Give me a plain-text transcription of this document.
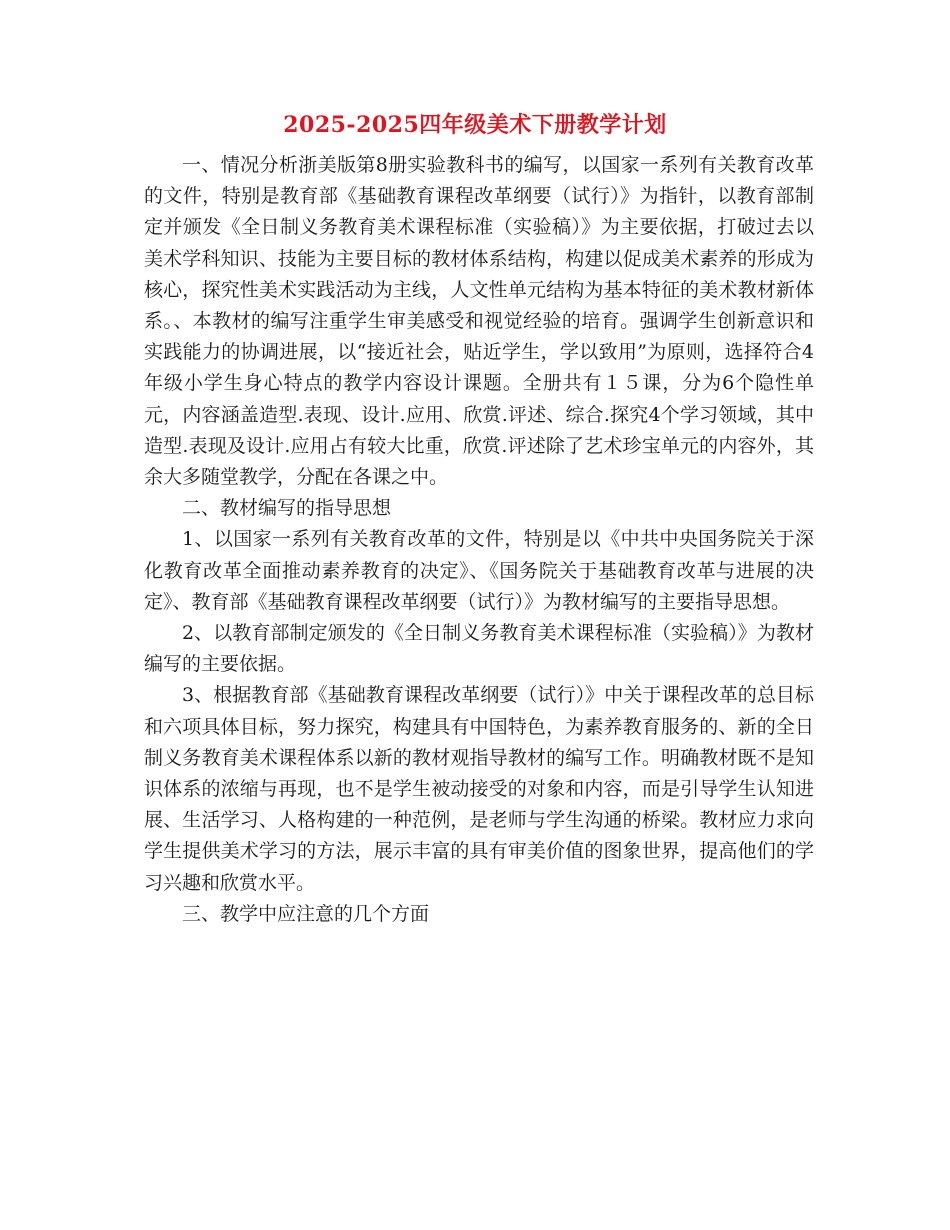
2025-2025四年级美术下册教学计划

一、情况分析浙美版第8册实验教科书的编写，以国家一系列有关教育改革的文件，特别是教育部《基础教育课程改革纲要（试行）》为指针，以教育部制定并颁发《全日制义务教育美术课程标准（实验稿）》为主要依据，打破过去以美术学科知识、技能为主要目标的教材体系结构，构建以促成美术素养的形成为核心，探究性美术实践活动为主线，人文性单元结构为基本特征的美术教材新体系。、本教材的编写注重学生审美感受和视觉经验的培育。强调学生创新意识和实践能力的协调进展，以“接近社会，贴近学生，学以致用”为原则，选择符合4年级小学生身心特点的教学内容设计课题。全册共有１５课，分为6个隐性单元，内容涵盖造型.表现、设计.应用、欣赏.评述、综合.探究4个学习领域，其中造型.表现及设计.应用占有较大比重，欣赏.评述除了艺术珍宝单元的内容外，其余大多随堂教学，分配在各课之中。

二、教材编写的指导思想

1、以国家一系列有关教育改革的文件，特别是以《中共中央国务院关于深化教育改革全面推动素养教育的决定》、《国务院关于基础教育改革与进展的决定》、教育部《基础教育课程改革纲要（试行）》为教材编写的主要指导思想。

2、以教育部制定颁发的《全日制义务教育美术课程标准（实验稿）》为教材编写的主要依据。

3、根据教育部《基础教育课程改革纲要（试行）》中关于课程改革的总目标和六项具体目标，努力探究，构建具有中国特色，为素养教育服务的、新的全日制义务教育美术课程体系以新的教材观指导教材的编写工作。明确教材既不是知识体系的浓缩与再现，也不是学生被动接受的对象和内容，而是引导学生认知进展、生活学习、人格构建的一种范例，是老师与学生沟通的桥梁。教材应力求向学生提供美术学习的方法，展示丰富的具有审美价值的图象世界，提高他们的学习兴趣和欣赏水平。

三、教学中应注意的几个方面
